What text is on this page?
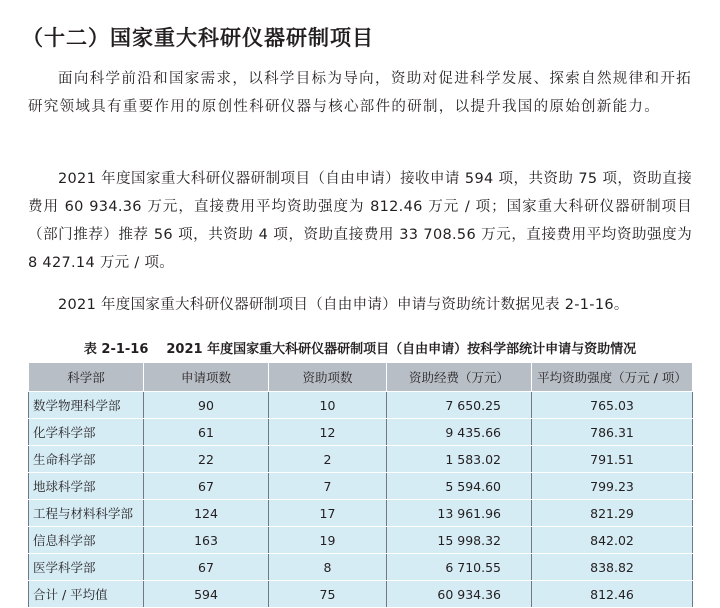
（十二）国家重大科研仪器研制项目

面向科学前沿和国家需求，以科学目标为导向，资助对促进科学发展、探索自然规律和开拓研究领域具有重要作用的原创性科研仪器与核心部件的研制，以提升我国的原始创新能力。

2021 年度国家重大科研仪器研制项目（自由申请）接收申请 594 项，共资助 75 项，资助直接费用 60 934.36 万元，直接费用平均资助强度为 812.46 万元 / 项；国家重大科研仪器研制项目（部门推荐）推荐 56 项，共资助 4 项，资助直接费用 33 708.56 万元，直接费用平均资助强度为 8 427.14 万元 / 项。

2021 年度国家重大科研仪器研制项目（自由申请）申请与资助统计数据见表 2-1-16。

表 2-1-16 2021 年度国家重大科研仪器研制项目（自由申请）按科学部统计申请与资助情况
科学部	申请项数	资助项数	资助经费（万元）	平均资助强度（万元 / 项）
数学物理科学部	90	10	7 650.25	765.03
化学科学部	61	12	9 435.66	786.31
生命科学部	22	2	1 583.02	791.51
地球科学部	67	7	5 594.60	799.23
工程与材料科学部	124	17	13 961.96	821.29
信息科学部	163	19	15 998.32	842.02
医学科学部	67	8	6 710.55	838.82
合计 / 平均值	594	75	60 934.36	812.46
